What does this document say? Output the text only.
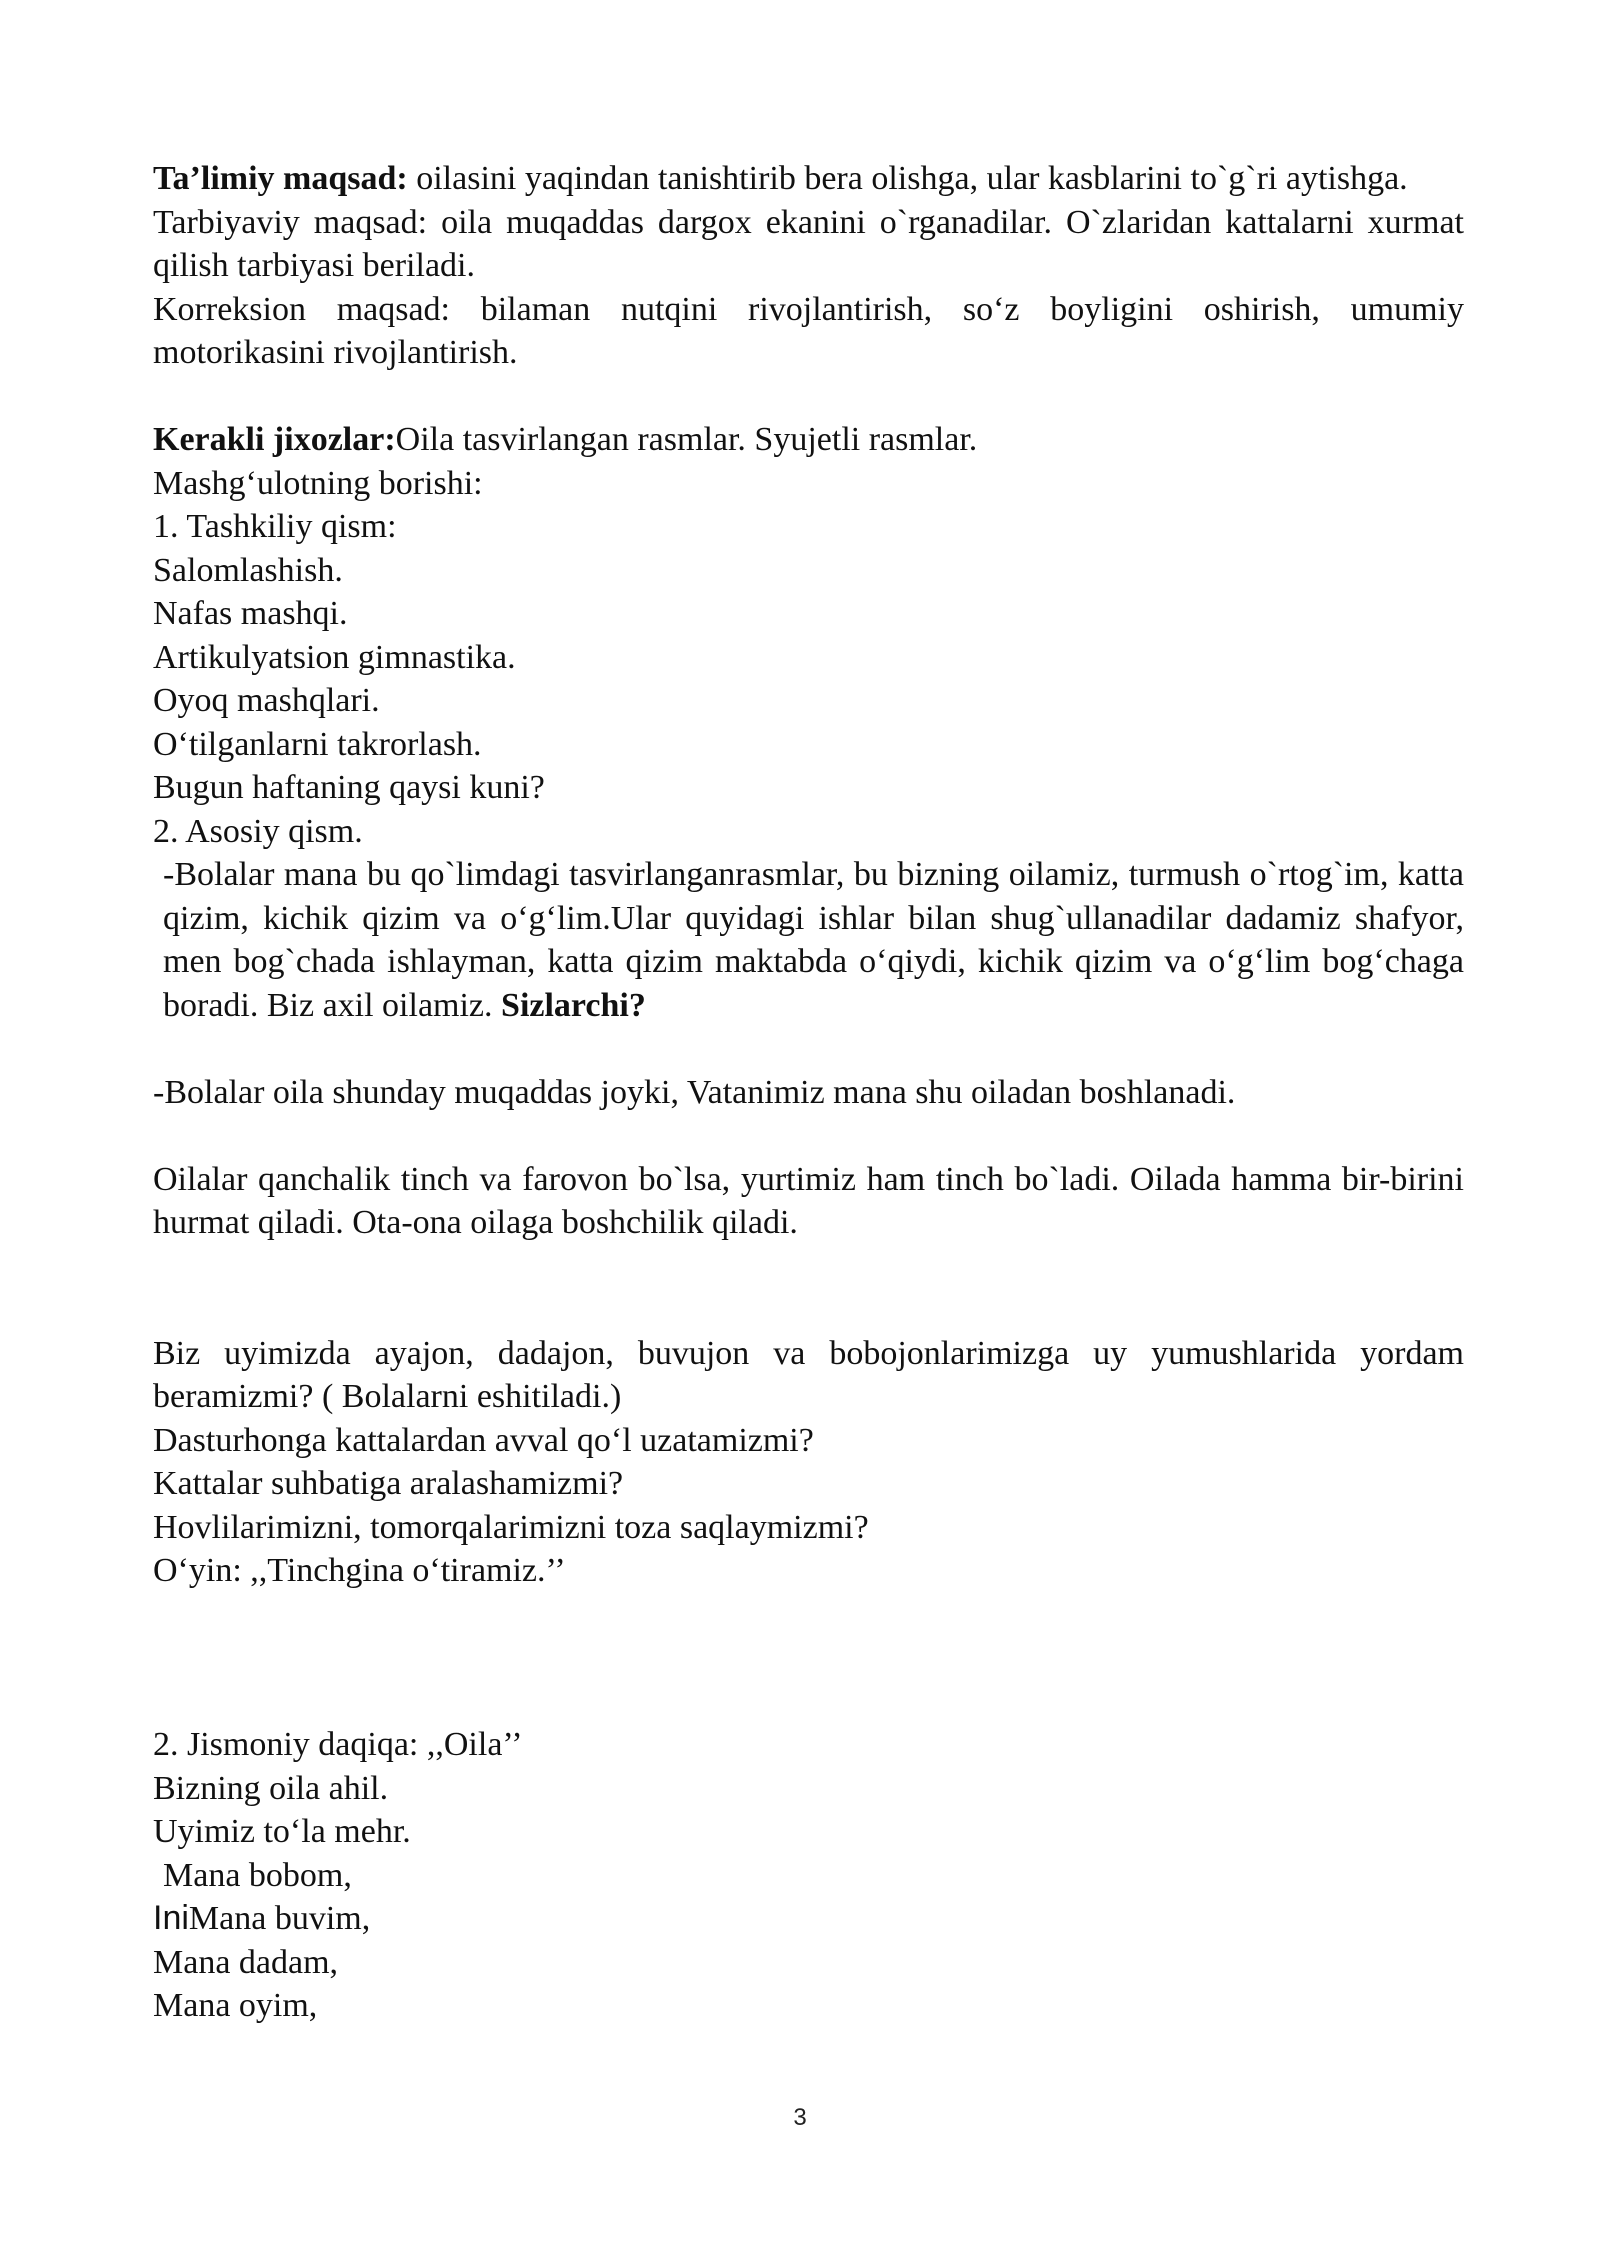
Ta’limiy maqsad: oilasini yaqindan tanishtirib bera olishga, ular kasblarini to`g`ri aytishga.

Tarbiyaviy maqsad: oila muqaddas dargox ekanini o`rganadilar. O`zlaridan kattalarni xurmat qilish tarbiyasi beriladi.

Korreksion maqsad: bilaman nutqini rivojlantirish, so‘z boyligini oshirish, umumiy motorikasini rivojlantirish.

Kerakli jixozlar:Oila tasvirlangan rasmlar. Syujetli rasmlar.

Mashg‘ulotning borishi:

1. Tashkiliy qism:

Salomlashish.

Nafas mashqi.

Artikulyatsion gimnastika.

Oyoq mashqlari.

O‘tilganlarni takrorlash.

Bugun haftaning qaysi kuni?

2. Asosiy qism.

-Bolalar mana bu qo`limdagi tasvirlanganrasmlar, bu bizning oilamiz, turmush o`rtog`im, katta qizim, kichik qizim va o‘g‘lim.Ular quyidagi ishlar bilan shug`ullanadilar dadamiz shafyor, men bog`chada ishlayman, katta qizim maktabda o‘qiydi, kichik qizim va o‘g‘lim bog‘chaga boradi. Biz axil oilamiz. Sizlarchi?

-Bolalar oila shunday muqaddas joyki, Vatanimiz mana shu oiladan boshlanadi.

Oilalar qanchalik tinch va farovon bo`lsa, yurtimiz ham tinch bo`ladi. Oilada hamma bir-birini hurmat qiladi. Ota-ona oilaga boshchilik qiladi.

Biz uyimizda ayajon, dadajon, buvujon va bobojonlarimizga uy yumushlarida yordam beramizmi? ( Bolalarni eshitiladi.)

Dasturhonga kattalardan avval qo‘l uzatamizmi?

Kattalar suhbatiga aralashamizmi?

Hovlilarimizni, tomorqalarimizni toza saqlaymizmi?

O‘yin: ,,Tinchgina o‘tiramiz.’’

2. Jismoniy daqiqa: ,,Oila’’

Bizning oila ahil.

Uyimiz to‘la mehr.

Mana bobom,

IniMana buvim,

Mana dadam,

Mana oyim,

3
